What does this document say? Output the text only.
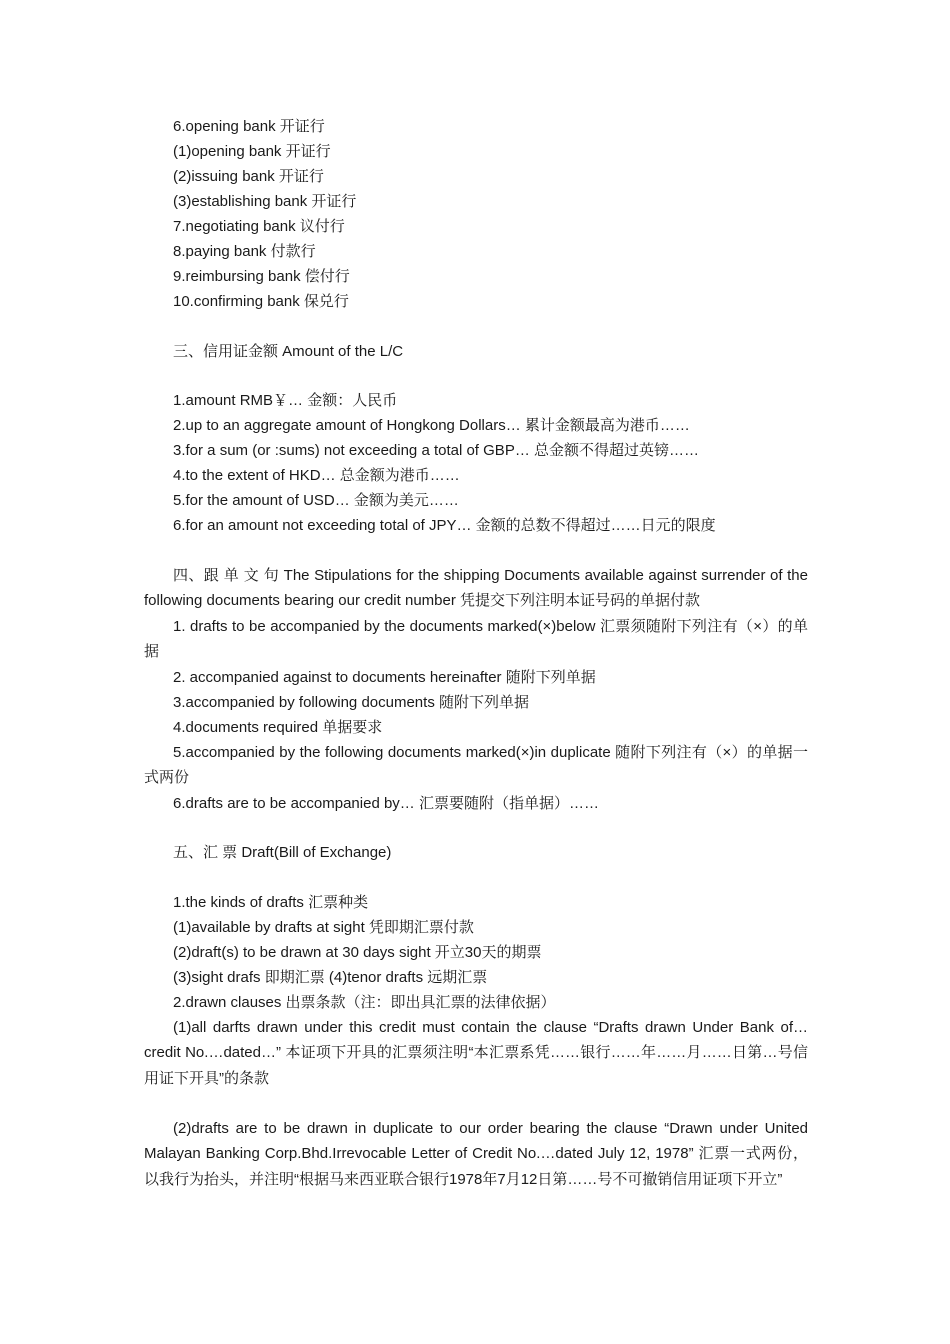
6.opening bank 开证行
(1)opening bank 开证行
(2)issuing bank 开证行
(3)establishing bank 开证行
7.negotiating bank 议付行
8.paying bank 付款行
9.reimbursing bank 偿付行
10.confirming bank 保兑行
三、信用证金额 Amount of the L/C
1.amount RMB￥… 金额：人民币
2.up to an aggregate amount of Hongkong Dollars… 累计金额最高为港币……
3.for a sum (or :sums) not exceeding a total of GBP… 总金额不得超过英镑……
4.to the extent of HKD… 总金额为港币……
5.for the amount of USD… 金额为美元……
6.for an amount not exceeding total of JPY… 金额的总数不得超过……日元的限度
四、跟 单 文 句 The Stipulations for the shipping Documents available against surrender of the following documents bearing our credit number 凭提交下列注明本证号码的单据付款
1. drafts to be accompanied by the documents marked(×)below 汇票须随附下列注有（×）的单据
2. accompanied against to documents hereinafter 随附下列单据
3.accompanied by following documents 随附下列单据
4.documents required 单据要求
5.accompanied by the following documents marked(×)in duplicate 随附下列注有（×）的单据一式两份
6.drafts are to be accompanied by… 汇票要随附（指单据）……
五、汇 票 Draft(Bill of Exchange)
1.the kinds of drafts 汇票种类
(1)available by drafts at sight 凭即期汇票付款
(2)draft(s) to be drawn at 30 days sight 开立30天的期票
(3)sight drafs 即期汇票 (4)tenor drafts 远期汇票
2.drawn clauses 出票条款（注：即出具汇票的法律依据）
(1)all darfts drawn under this credit must contain the clause “Drafts drawn Under Bank of…credit No.…dated…” 本证项下开具的汇票须注明“本汇票系凭……银行……年……月……日第…号信用证下开具”的条款
(2)drafts are to be drawn in duplicate to our order bearing the clause “Drawn under United Malayan Banking Corp.Bhd.Irrevocable Letter of Credit No.…dated July 12, 1978” 汇票一式两份，以我行为抬头，并注明“根据马来西亚联合银行1978年7月12日第……号不可撤销信用证项下开立”
